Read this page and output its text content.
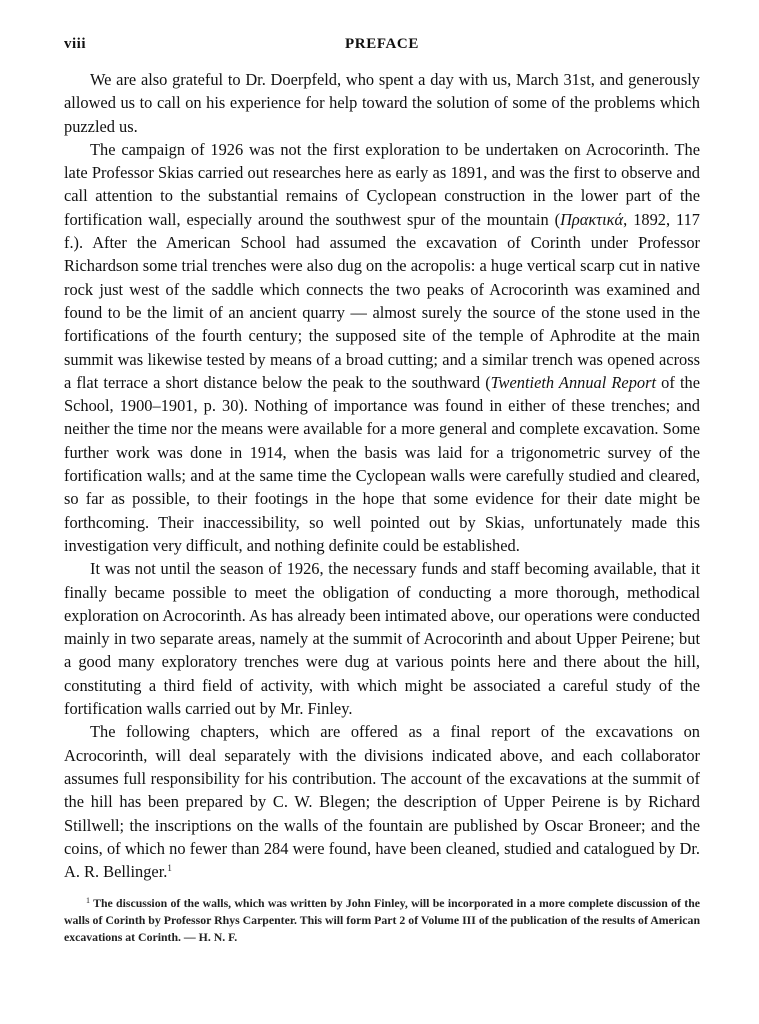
viii	PREFACE

We are also grateful to Dr. Doerpfeld, who spent a day with us, March 31st, and generously allowed us to call on his experience for help toward the solution of some of the problems which puzzled us.

The campaign of 1926 was not the first exploration to be undertaken on Acrocorinth. The late Professor Skias carried out researches here as early as 1891, and was the first to observe and call attention to the substantial remains of Cyclopean construction in the lower part of the fortification wall, especially around the southwest spur of the mountain (Πρακτικά, 1892, 117 f.). After the American School had assumed the excavation of Corinth under Professor Richardson some trial trenches were also dug on the acropolis: a huge vertical scarp cut in native rock just west of the saddle which connects the two peaks of Acrocorinth was examined and found to be the limit of an ancient quarry — almost surely the source of the stone used in the fortifications of the fourth century; the supposed site of the temple of Aphrodite at the main summit was likewise tested by means of a broad cutting; and a similar trench was opened across a flat terrace a short distance below the peak to the southward (Twentieth Annual Report of the School, 1900–1901, p. 30). Nothing of importance was found in either of these trenches; and neither the time nor the means were available for a more general and complete excavation. Some further work was done in 1914, when the basis was laid for a trigonometric survey of the fortification walls; and at the same time the Cyclopean walls were carefully studied and cleared, so far as possible, to their footings in the hope that some evidence for their date might be forthcoming. Their inaccessibility, so well pointed out by Skias, unfortunately made this investigation very difficult, and nothing definite could be established.

It was not until the season of 1926, the necessary funds and staff becoming available, that it finally became possible to meet the obligation of conducting a more thorough, methodical exploration on Acrocorinth. As has already been intimated above, our operations were conducted mainly in two separate areas, namely at the summit of Acrocorinth and about Upper Peirene; but a good many exploratory trenches were dug at various points here and there about the hill, constituting a third field of activity, with which might be associated a careful study of the fortification walls carried out by Mr. Finley.

The following chapters, which are offered as a final report of the excavations on Acrocorinth, will deal separately with the divisions indicated above, and each collaborator assumes full responsibility for his contribution. The account of the excavations at the summit of the hill has been prepared by C. W. Blegen; the description of Upper Peirene is by Richard Stillwell; the inscriptions on the walls of the fountain are published by Oscar Broneer; and the coins, of which no fewer than 284 were found, have been cleaned, studied and catalogued by Dr. A. R. Bellinger.$^1$

$^1$ The discussion of the walls, which was written by John Finley, will be incorporated in a more complete discussion of the walls of Corinth by Professor Rhys Carpenter. This will form Part 2 of Volume III of the publication of the results of American excavations at Corinth. — H. N. F.
